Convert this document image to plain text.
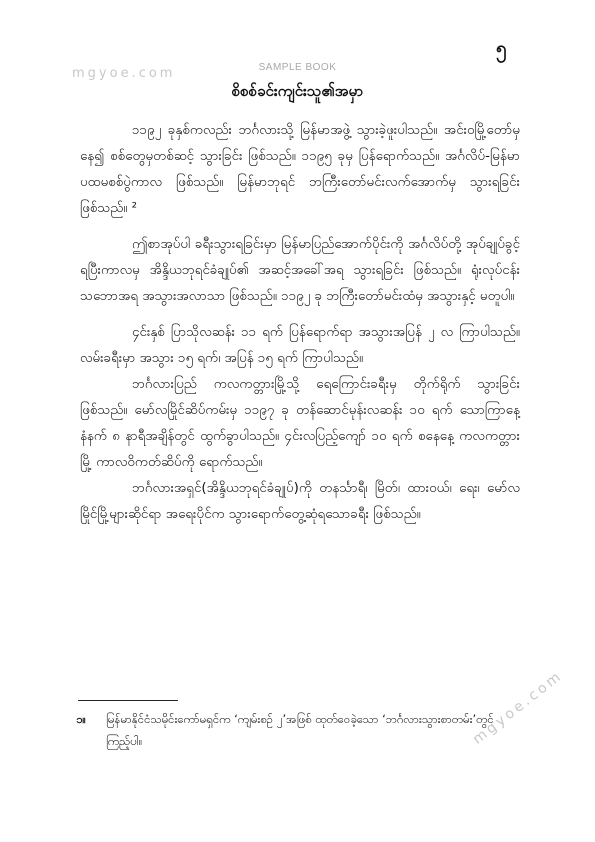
mgyoe.com	SAMPLE BOOK
၅
စိစစ်ခင်းကျင်းသူ၏အမှာ

၁၁၉၂ ခုနှစ်ကလည်း ဘင်္ဂလားသို့ မြန်မာအဖွဲ့ သွားခဲ့ဖူးပါသည်။ အင်းဝမြို့တော်မှနေ၍ စစ်တွေမှတစ်ဆင့် သွားခြင်း ဖြစ်သည်။ ၁၁၉၅ ခုမှ ပြန်ရောက်သည်။ အင်္ဂလိပ်-မြန်မာ ပထမစစ်ပွဲကာလ ဖြစ်သည်။ မြန်မာဘုရင် ဘကြီးတော်မင်းလက်အောက်မှ သွားရခြင်း ဖြစ်သည်။ ²

ဤစာအုပ်ပါ ခရီးသွားရခြင်းမှာ မြန်မာပြည်အောက်ပိုင်းကို အင်္ဂလိပ်တို့ အုပ်ချုပ်ခွင့်ရပြီးကာလမှ အိန္ဒိယဘုရင်ခံချုပ်၏ အဆင့်အခေါ်အရ သွားရခြင်း ဖြစ်သည်။ ရုံးလုပ်ငန်းသဘောအရ အသွားအလာသာ ဖြစ်သည်။ ၁၁၉၂ ခု ဘကြီးတော်မင်းထံမှ အသွားနှင့် မတူပါ။

၄င်းနှစ် ပြာသိုလဆန်း ၁၁ ရက် ပြန်ရောက်ရာ အသွားအပြန် ၂ လ ကြာပါသည်။ လမ်းခရီးမှာ အသွား ၁၅ ရက်၊ အပြန် ၁၅ ရက် ကြာပါသည်။

ဘင်္ဂလားပြည် ကလကတ္တားမြို့သို့ ရေကြောင်းခရီးမှ တိုက်ရိုက် သွားခြင်း ဖြစ်သည်။ မော်လမြိုင်ဆိပ်ကမ်းမှ ၁၁၉၇ ခု တန်ဆောင်မုန်းလဆန်း ၁၀ ရက် သောကြာနေ့ နံနက် ၈ နာရီအချိန်တွင် ထွက်ခွာပါသည်။ ၄င်းလပြည့်ကျော် ၁၀ ရက် စနေနေ့ ကလကတ္တားမြို့ ကာလဝိကတ်ဆိပ်ကို ရောက်သည်။

ဘင်္ဂလားအရှင်(အိန္ဒိယဘုရင်ခံချုပ်)ကို တနင်္သာရီ၊ မြိတ်၊ ထားဝယ်၊ ရေး၊ မော်လမြိုင်မြို့များဆိုင်ရာ အရေးပိုင်က သွားရောက်တွေ့ဆုံရသောခရီး ဖြစ်သည်။

၁။ မြန်မာနိုင်ငံသမိုင်းကော်မရှင်က ‘ကျမ်းစဉ် ၂’အဖြစ် ထုတ်ဝေခဲ့သော ‘ဘင်္ဂလားသွားစာတမ်း’တွင် ကြည့်ပါ။	mgyoe.com
